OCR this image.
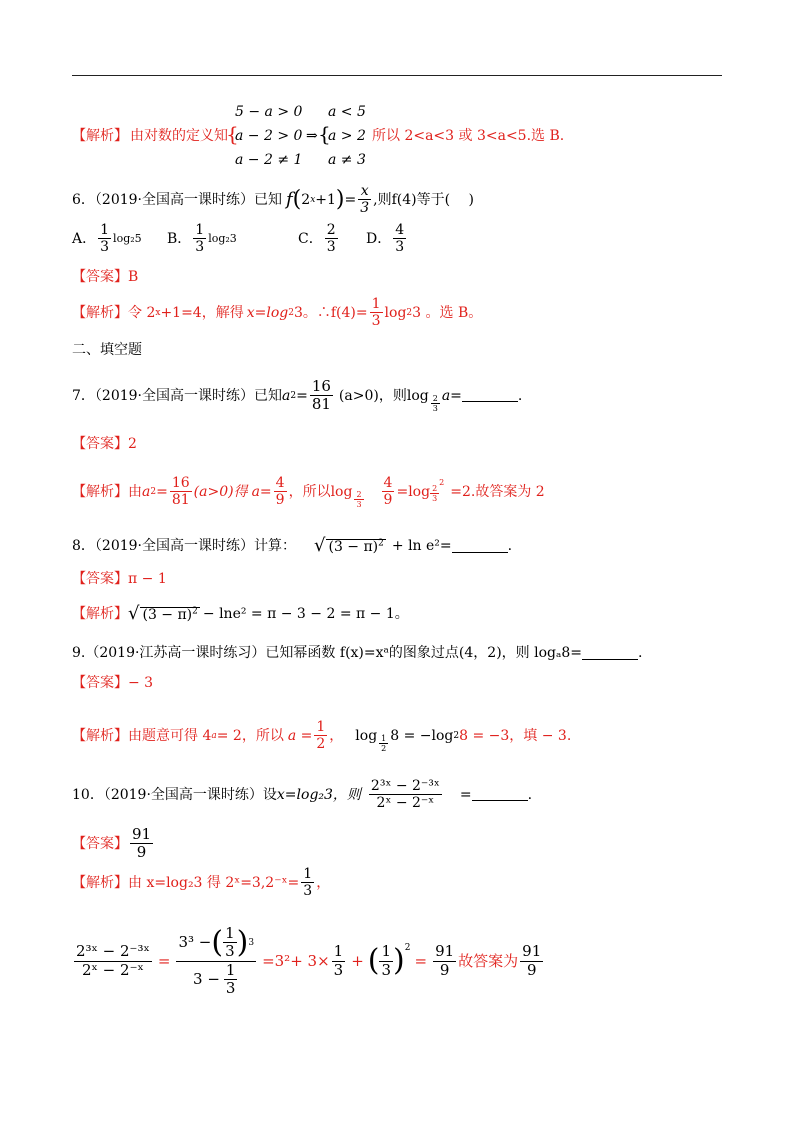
【解析】 由对数的定义知
{
5 − a > 0
a − 2 > 0
a − 2 ≠ 1
⇒ {
a < 5
a > 2
a ≠ 3
所以 2<a<3 或 3<a<5.选 B.
6．（2019·全国高一课时练）已知 f ( 2 x +1 ) = $\frac{x}{3}$ ,则f(4)等于(　 )
A． $\frac{1}{3} \log_25$ B． $\frac{1}{3} \log_23$	C． $\frac{2}{3}$ D． $\frac{4}{3}$
【答案】B
【解析】 令 2 x +1=4，解得 x=log 2 3。∴f(4)= $\frac{1}{3}$ log 2 3 。选 B。
二、填空题
7．（2019·全国高一课时练）已知 a $2 = \frac{16}{81} (a>0)$，则 $\log \frac{2}{3}$ a =	.
【答案】2
【解析】 由 a $2 = \frac{16}{81} (a>0)$得 $a= \frac{4}{9}$ ，所以 $\log \frac{2}{3} \frac{4}{9} = \log \frac{2}{3}$
2
=2.故答案为 2
8．（2019·全国高一课时练）计算： √ $(3 - \pi)^2 + \ln e^2=$	.
【答案】π − 1
【解析】 √ $(3 - \pi)^2 - \ln e^2 = \pi - 3 - 2 = \pi - 1$。
9.（2019·江苏高一课时练习）已知幂函数 f(x)=xᵃ的图象过点(4，2)，则 logₐ8=	.
【答案】− 3
【解析】 由题意可得 4 a = 2，所以 $a = \frac{1}{2}$ ， $\log \frac{1}{2} 8 = -\log$ 2 8 = −3，填 − 3.
10．（2019·全国高一课时练）设 x=log₂3，则 $\frac{\text{2³ˣ − 2⁻³ˣ}}{\text{2ˣ − 2⁻ˣ}}$ =	.
【答案】 $\frac{91}{9}$
【解析】 由 x=log₂3 得 2ˣ=3,2⁻ˣ= $\frac{1}{3}$ ，
$\frac{\text{2³ˣ − 2⁻³ˣ}}{\text{2ˣ − 2⁻ˣ}} = \frac{3^3 - ( \frac{1}{3} ) 3}{3 - \frac{1}{3}} =3^2+ 3\times \frac{1}{3}$ + ( $\frac{1}{3}$ ) 2
= $\frac{91}{9}$ 故答案为 $\frac{91}{9}$
